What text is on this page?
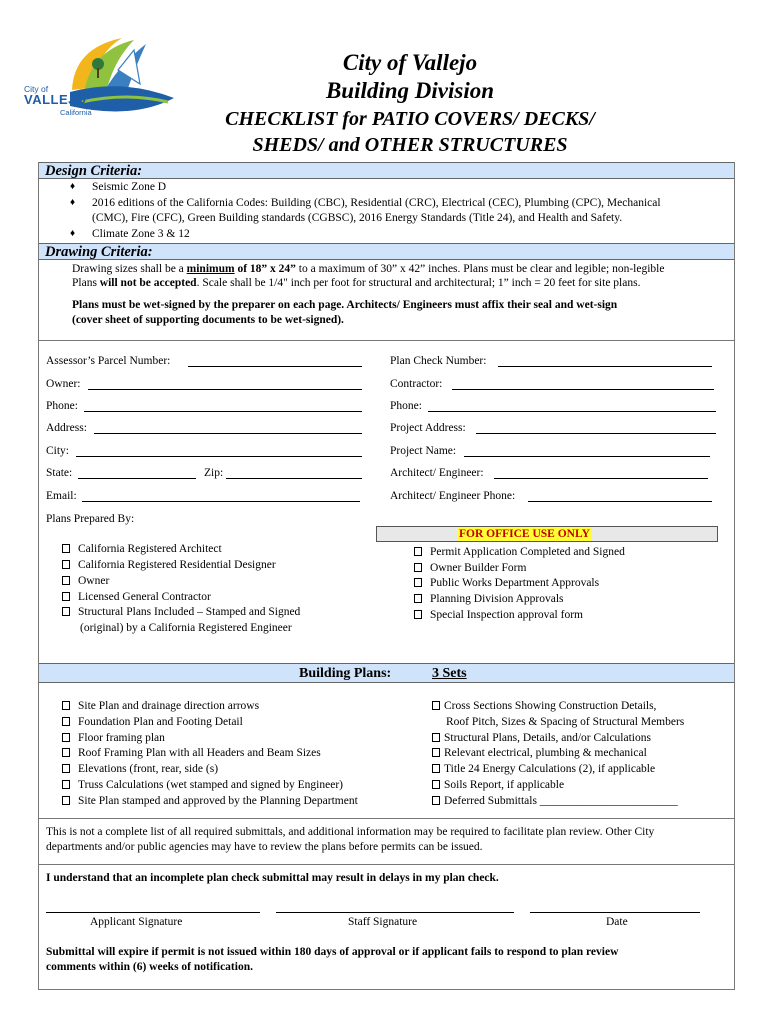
City of
VALLEJO
California
City of Vallejo
Building Division
CHECKLIST for PATIO COVERS/ DECKS/
SHEDS/ and OTHER STRUCTURES
Design Criteria:
♦ Seismic Zone D
♦ 2016 editions of the California Codes: Building (CBC), Residential (CRC), Electrical (CEC), Plumbing (CPC), Mechanical
(CMC), Fire (CFC), Green Building standards (CGBSC), 2016 Energy Standards (Title 24), and Health and Safety.
♦ Climate Zone 3 & 12
Drawing Criteria:
Drawing sizes shall be a minimum of 18” x 24” to a maximum of 30” x 42” inches. Plans must be clear and legible; non-legible
Plans will not be accepted. Scale shall be 1/4" inch per foot for structural and architectural; 1” inch = 20 feet for site plans.
Plans must be wet-signed by the preparer on each page. Architects/ Engineers must affix their seal and wet-sign
(cover sheet of supporting documents to be wet-signed).
Assessor’s Parcel Number:
Owner:
Phone:
Address:
City:
State:	Zip:
Email:
Plan Check Number:
Contractor:
Phone:
Project Address:
Project Name:
Architect/ Engineer:
Architect/ Engineer Phone:
Plans Prepared By:
California Registered Architect
California Registered Residential Designer
Owner
Licensed General Contractor
Structural Plans Included – Stamped and Signed
(original) by a California Registered Engineer
FOR OFFICE USE ONLY
Permit Application Completed and Signed
Owner Builder Form
Public Works Department Approvals
Planning Division Approvals
Special Inspection approval form
Building Plans:	3 Sets
Site Plan and drainage direction arrows
Foundation Plan and Footing Detail
Floor framing plan
Roof Framing Plan with all Headers and Beam Sizes
Elevations (front, rear, side (s)
Truss Calculations (wet stamped and signed by Engineer)
Site Plan stamped and approved by the Planning Department
Cross Sections Showing Construction Details,
Roof Pitch, Sizes & Spacing of Structural Members
Structural Plans, Details, and/or Calculations
Relevant electrical, plumbing & mechanical
Title 24 Energy Calculations (2), if applicable
Soils Report, if applicable
Deferred Submittals ________________________
This is not a complete list of all required submittals, and additional information may be required to facilitate plan review. Other City
departments and/or public agencies may have to review the plans before permits can be issued.
I understand that an incomplete plan check submittal may result in delays in my plan check.
Applicant Signature	Staff Signature	Date
Submittal will expire if permit is not issued within 180 days of approval or if applicant fails to respond to plan review
comments within (6) weeks of notification.
